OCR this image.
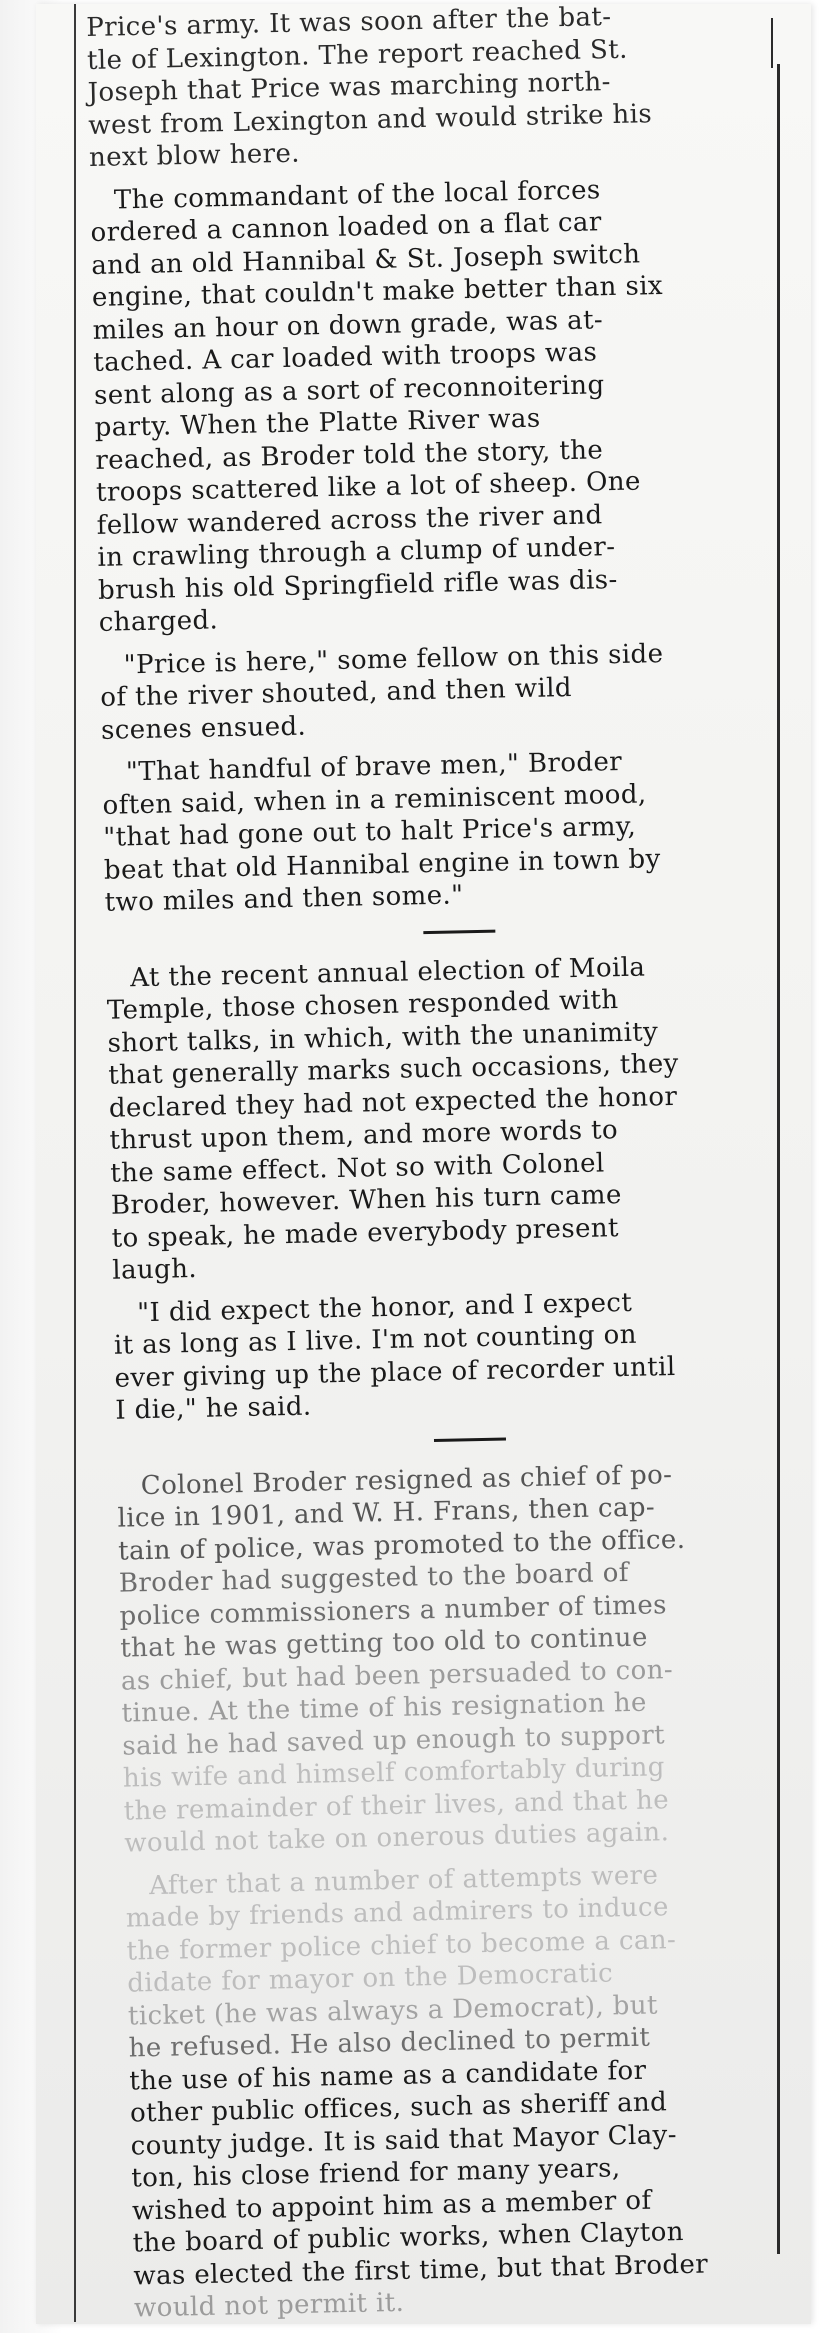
Price's army. It was soon after the bat-
tle of Lexington. The report reached St.
Joseph that Price was marching north-
west from Lexington and would strike his
next blow here.
The commandant of the local forces
ordered a cannon loaded on a flat car
and an old Hannibal & St. Joseph switch
engine, that couldn't make better than six
miles an hour on down grade, was at-
tached. A car loaded with troops was
sent along as a sort of reconnoitering
party. When the Platte River was
reached, as Broder told the story, the
troops scattered like a lot of sheep. One
fellow wandered across the river and
in crawling through a clump of under-
brush his old Springfield rifle was dis-
charged.
"Price is here," some fellow on this side
of the river shouted, and then wild
scenes ensued.
"That handful of brave men," Broder
often said, when in a reminiscent mood,
"that had gone out to halt Price's army,
beat that old Hannibal engine in town by
two miles and then some."
At the recent annual election of Moila
Temple, those chosen responded with
short talks, in which, with the unanimity
that generally marks such occasions, they
declared they had not expected the honor
thrust upon them, and more words to
the same effect. Not so with Colonel
Broder, however. When his turn came
to speak, he made everybody present
laugh.
"I did expect the honor, and I expect
it as long as I live. I'm not counting on
ever giving up the place of recorder until
I die," he said.
Colonel Broder resigned as chief of po-
lice in 1901, and W. H. Frans, then cap-
tain of police, was promoted to the office.
Broder had suggested to the board of
police commissioners a number of times
that he was getting too old to continue
as chief, but had been persuaded to con-
tinue. At the time of his resignation he
said he had saved up enough to support
his wife and himself comfortably during
the remainder of their lives, and that he
would not take on onerous duties again.
After that a number of attempts were
made by friends and admirers to induce
the former police chief to become a can-
didate for mayor on the Democratic
ticket (he was always a Democrat), but
he refused. He also declined to permit
the use of his name as a candidate for
other public offices, such as sheriff and
county judge. It is said that Mayor Clay-
ton, his close friend for many years,
wished to appoint him as a member of
the board of public works, when Clayton
was elected the first time, but that Broder
would not permit it.
